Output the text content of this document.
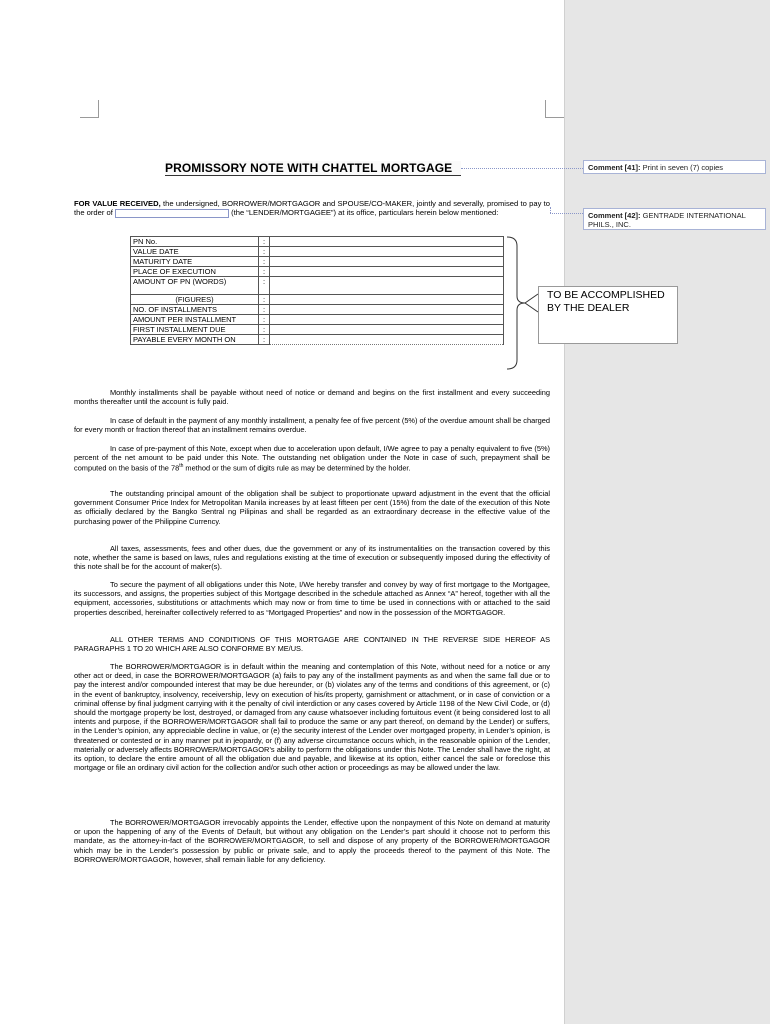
PROMISSORY NOTE WITH CHATTEL MORTGAGE	Comment [41]: Print in seven (7) copies
Comment [42]: GENTRADE INTERNATIONAL PHILS., INC.

FOR VALUE RECEIVED, the undersigned, BORROWER/MORTGAGOR and SPOUSE/CO-MAKER, jointly and severally, promised to pay to the order of	(the “LENDER/MORTGAGEE”) at its office, particulars herein below mentioned:

PN No.	:	
VALUE DATE	:	
MATURITY DATE	:	
PLACE OF EXECUTION	:	
AMOUNT OF PN (WORDS)	:	
(FIGURES)	:	
NO. OF INSTALLMENTS	:	
AMOUNT PER INSTALLMENT	:	
FIRST INSTALLMENT DUE	:	
PAYABLE EVERY MONTH ON	:	
TO BE ACCOMPLISHED BY THE DEALER

Monthly installments shall be payable without need of notice or demand and begins on the first installment and every succeeding months thereafter until the account is fully paid.

In case of default in the payment of any monthly installment, a penalty fee of five percent (5%) of the overdue amount shall be charged for every month or fraction thereof that an installment remains overdue.

In case of pre-payment of this Note, except when due to acceleration upon default, I/We agree to pay a penalty equivalent to five (5%) percent of the net amount to be paid under this Note. The outstanding net obligation under the Note in case of such, prepayment shall be computed on the basis of the 78th method or the sum of digits rule as may be determined by the holder.

The outstanding principal amount of the obligation shall be subject to proportionate upward adjustment in the event that the official government Consumer Price Index for Metropolitan Manila increases by at least fifteen per cent (15%) from the date of the execution of this Note as officially declared by the Bangko Sentral ng Pilipinas and shall be regarded as an extraordinary decrease in the effective value of the purchasing power of the Philippine Currency.

All taxes, assessments, fees and other dues, due the government or any of its instrumentalities on the transaction covered by this note, whether the same is based on laws, rules and regulations existing at the time of execution or subsequently imposed during the effectivity of this note shall be for the account of maker(s).

To secure the payment of all obligations under this Note, I/We hereby transfer and convey by way of first mortgage to the Mortgagee, its successors, and assigns, the properties subject of this Mortgage described in the schedule attached as Annex “A” hereof, together with all the equipment, accessories, substitutions or attachments which may now or from time to time be used in connections with or attached to the said properties described, hereinafter collectively referred to as “Mortgaged Properties” and now in the possession of the MORTGAGOR.

ALL OTHER TERMS AND CONDITIONS OF THIS MORTGAGE ARE CONTAINED IN THE REVERSE SIDE HEREOF AS PARAGRAPHS 1 TO 20 WHICH ARE ALSO CONFORME BY ME/US.

The BORROWER/MORTGAGOR is in default within the meaning and contemplation of this Note, without need for a notice or any other act or deed, in case the BORROWER/MORTGAGOR (a) fails to pay any of the installment payments as and when the same fall due or to pay the interest and/or compounded interest that may be due hereunder, or (b) violates any of the terms and conditions of this agreement, or (c) in the event of bankruptcy, insolvency, receivership, levy on execution of his/its property, garnishment or attachment, or in case of conviction or a criminal offense by final judgment carrying with it the penalty of civil interdiction or any cases covered by Article 1198 of the New Civil Code, or (d) should the mortgage property be lost, destroyed, or damaged from any cause whatsoever including fortuitous event (it being considered lost to all intents and purpose, if the BORROWER/MORTGAGOR shall fail to produce the same or any part thereof, on demand by the Lender) or suffers, in the Lender’s opinion, any appreciable decline in value, or (e) the security interest of the Lender over mortgaged property, in Lender’s opinion, is threatened or contested or in any manner put in jeopardy, or (f) any adverse circumstance occurs which, in the reasonable opinion of the Lender, materially or adversely affects BORROWER/MORTGAGOR’s ability to perform the obligations under this Note. The Lender shall have the right, at its option, to declare the entire amount of all the obligation due and payable, and likewise at its option, either cancel the sale or foreclose this mortgage or file an ordinary civil action for the collection and/or such other action or proceedings as may be allowed under the law.

The BORROWER/MORTGAGOR irrevocably appoints the Lender, effective upon the nonpayment of this Note on demand at maturity or upon the happening of any of the Events of Default, but without any obligation on the Lender’s part should it choose not to perform this mandate, as the attorney-in-fact of the BORROWER/MORTGAGOR, to sell and dispose of any property of the BORROWER/MORTGAGOR which may be in the Lender’s possession by public or private sale, and to apply the proceeds thereof to the payment of this Note. The BORROWER/MORTGAGOR, however, shall remain liable for any deficiency.
